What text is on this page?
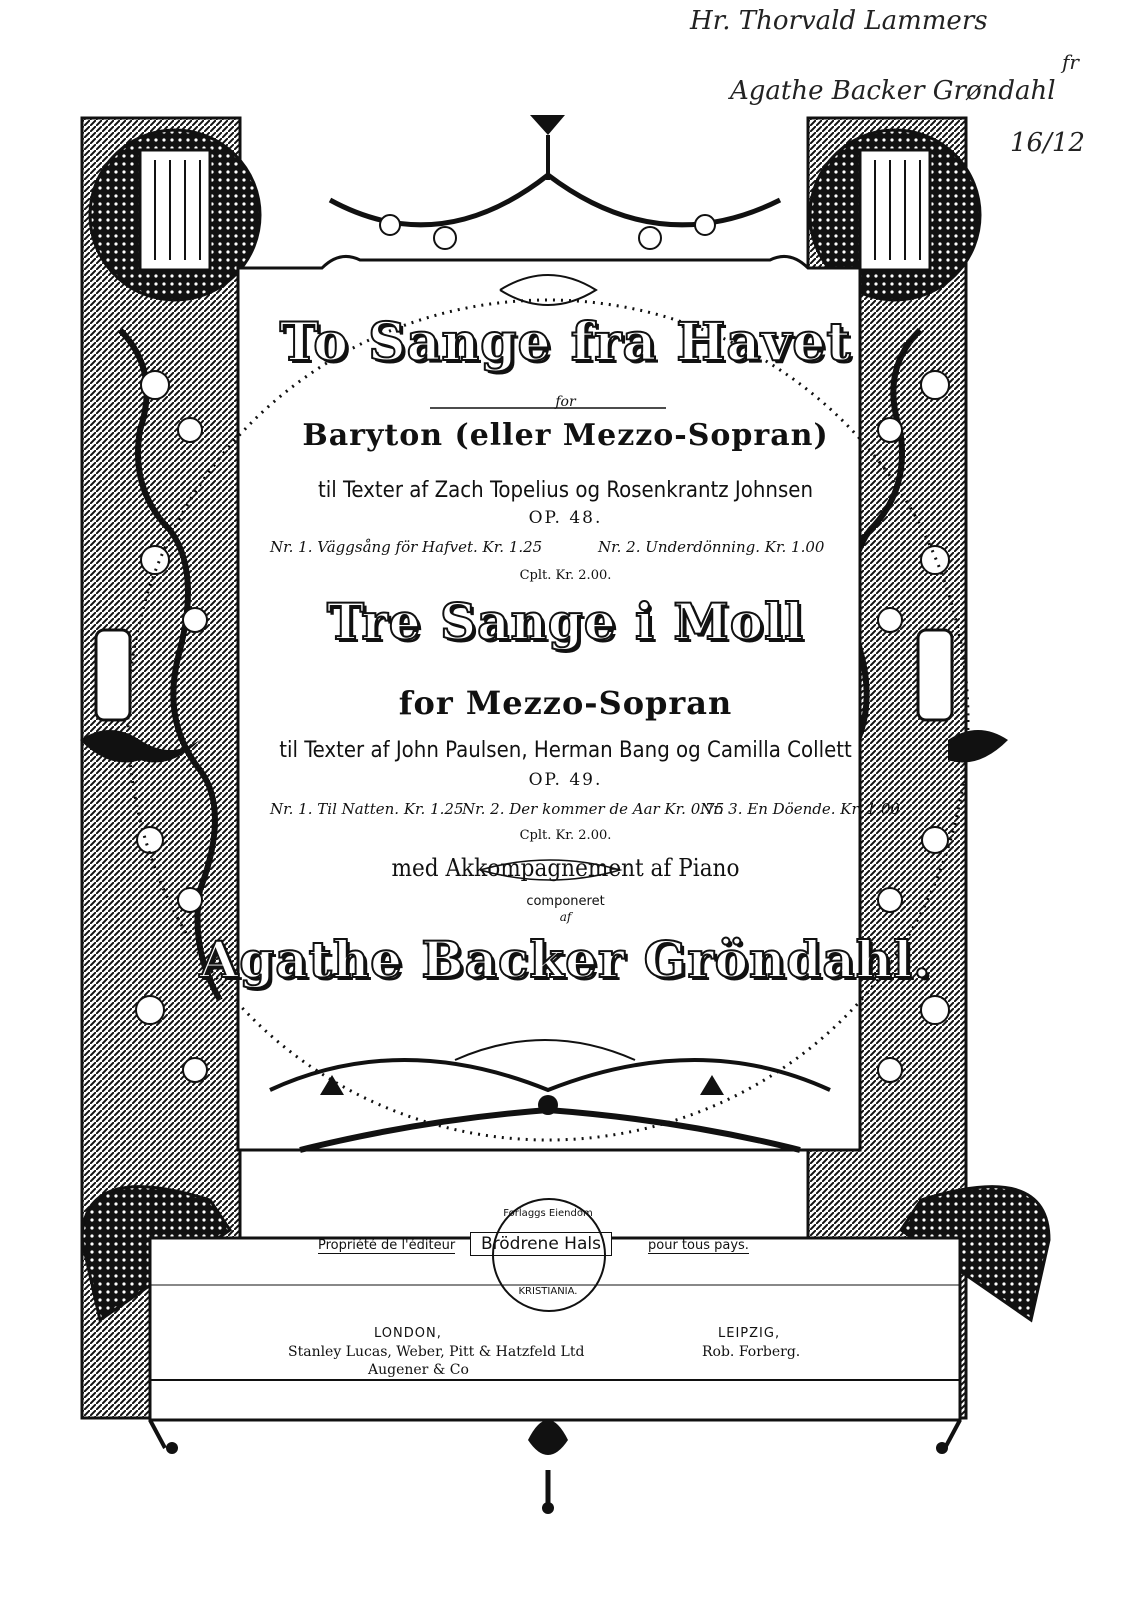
Hr. Thorvald Lammers
fr
Agathe Backer Grøndahl
16/12
To Sange fra Havet
for
Baryton (eller Mezzo-Sopran)
til Texter af Zach Topelius og Rosenkrantz Johnsen
OP. 48.
Nr. 1. Väggsång för Hafvet. Kr. 1.25	Nr. 2. Underdönning. Kr. 1.00
Cplt. Kr. 2.00.
Tre Sange i Moll
for Mezzo-Sopran
til Texter af John Paulsen, Herman Bang og Camilla Collett
OP. 49.
Nr. 1. Til Natten. Kr. 1.25
Nr. 2. Der kommer de Aar Kr. 0.75
Nr. 3. En Döende. Kr. 1.00
Cplt. Kr. 2.00.
med Akkompagnement af Piano
componeret
af
Agathe Backer Gröndahl.
Propriété de l'éditeur	Brödrene Hals	pour tous pays.
Forlaggs Eiendom
KRISTIANIA.
LONDON,
Stanley Lucas, Weber, Pitt & Hatzfeld Ltd
Augener & Co
LEIPZIG,
Rob. Forberg.
